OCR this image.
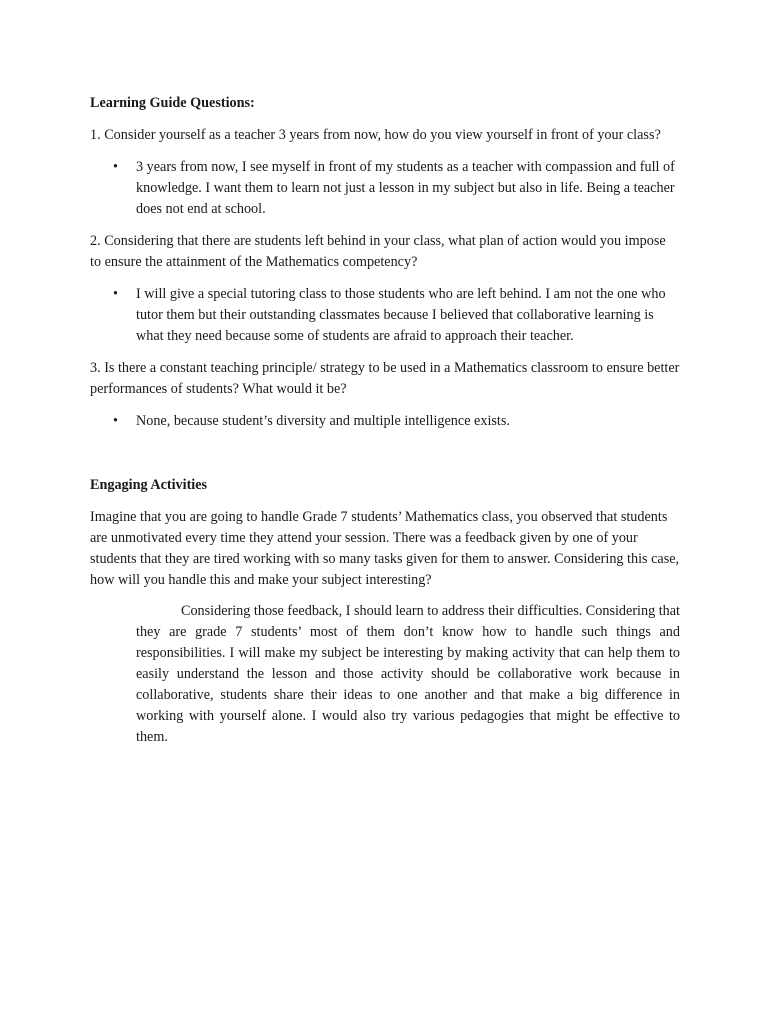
Learning Guide Questions:

1. Consider yourself as a teacher 3 years from now, how do you view yourself in front of your class?

• 3 years from now, I see myself in front of my students as a teacher with compassion and full of knowledge. I want them to learn not just a lesson in my subject but also in life. Being a teacher does not end at school.

2. Considering that there are students left behind in your class, what plan of action would you impose to ensure the attainment of the Mathematics competency?

• I will give a special tutoring class to those students who are left behind. I am not the one who tutor them but their outstanding classmates because I believed that collaborative learning is what they need because some of students are afraid to approach their teacher.

3. Is there a constant teaching principle/ strategy to be used in a Mathematics classroom to ensure better performances of students? What would it be?

• None, because student’s diversity and multiple intelligence exists.

Engaging Activities

Imagine that you are going to handle Grade 7 students’ Mathematics class, you observed that students are unmotivated every time they attend your session. There was a feedback given by one of your students that they are tired working with so many tasks given for them to answer. Considering this case, how will you handle this and make your subject interesting?

Considering those feedback, I should learn to address their difficulties. Considering that they are grade 7 students’ most of them don’t know how to handle such things and responsibilities. I will make my subject be interesting by making activity that can help them to easily understand the lesson and those activity should be collaborative work because in collaborative, students share their ideas to one another and that make a big difference in working with yourself alone. I would also try various pedagogies that might be effective to them.
